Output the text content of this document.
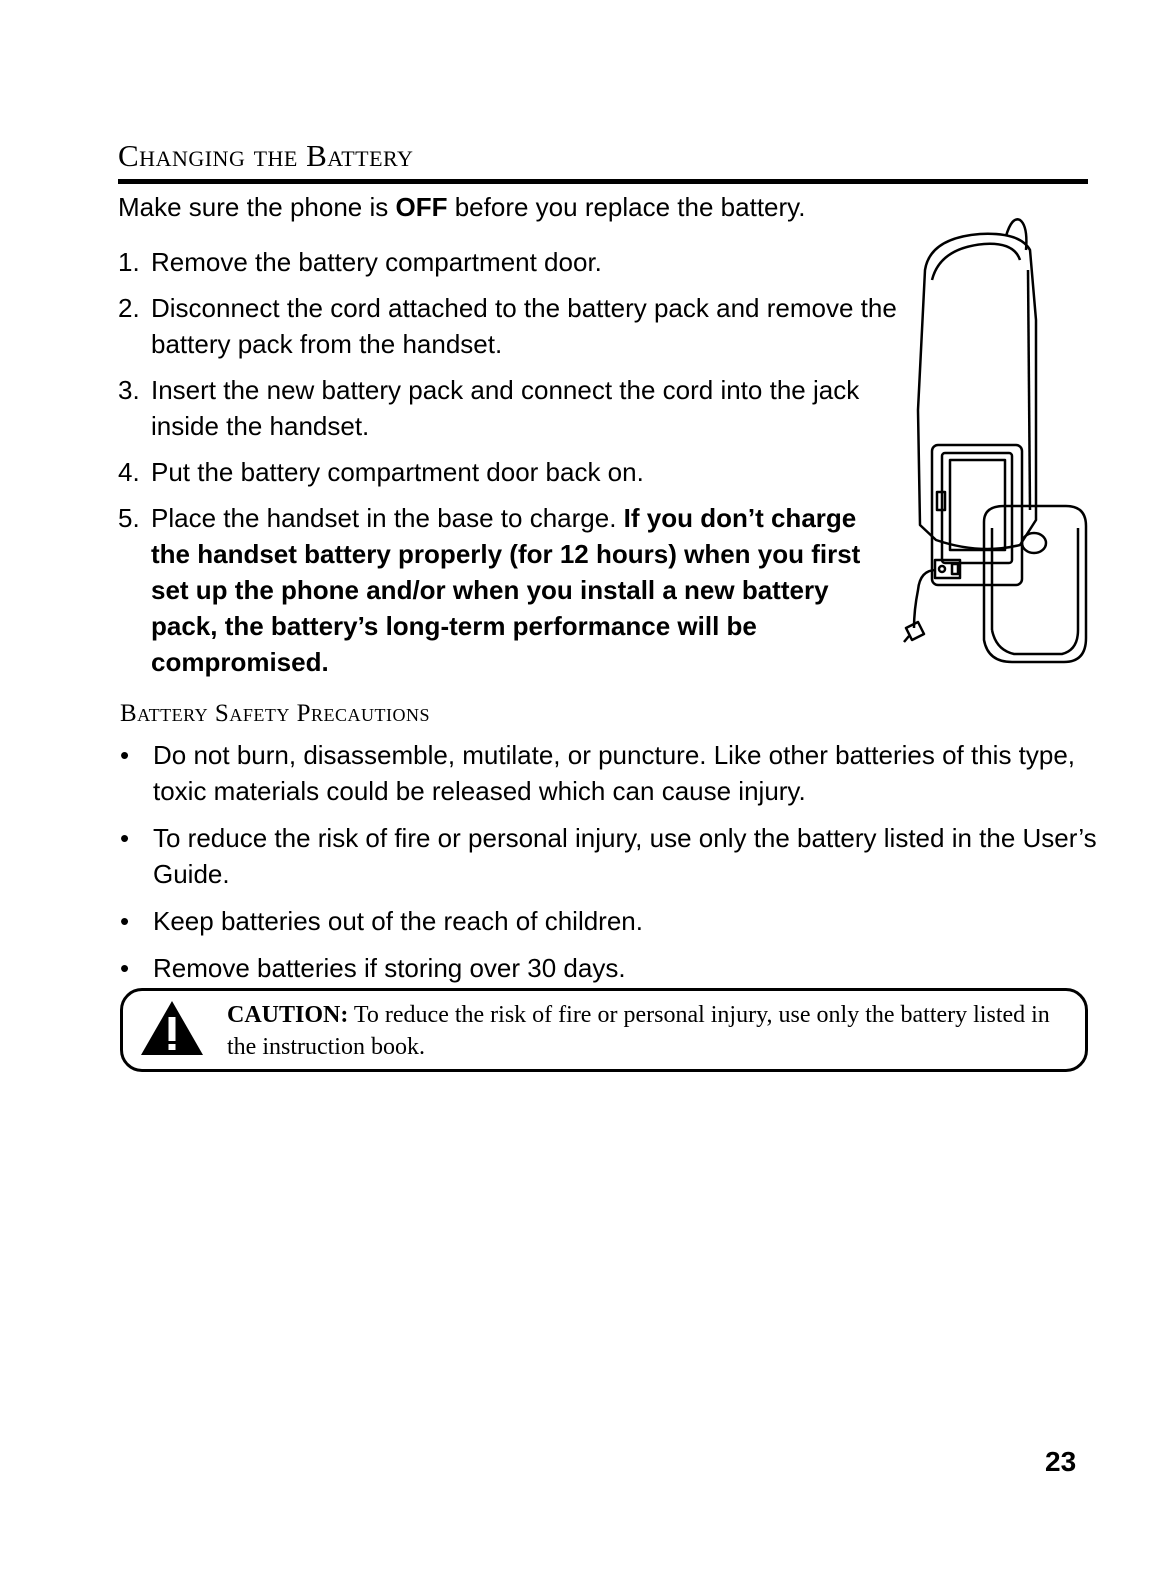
Changing the Battery

Make sure the phone is OFF before you replace the battery.

1. Remove the battery compartment door.
2. Disconnect the cord attached to the battery pack and remove the battery pack from the handset.
3. Insert the new battery pack and connect the cord into the jack inside the handset.
4. Put the battery compartment door back on.
5. Place the handset in the base to charge. If you don’t charge the handset battery properly (for 12 hours) when you first set up the phone and/or when you install a new battery pack, the battery’s long-term performance will be compromised.
Battery Safety Precautions
• Do not burn, disassemble, mutilate, or puncture. Like other batteries of this type, toxic materials could be released which can cause injury.
• To reduce the risk of fire or personal injury, use only the battery listed in the User’s Guide.
• Keep batteries out of the reach of children.
• Remove batteries if storing over 30 days.

CAUTION: To reduce the risk of fire or personal injury, use only the battery listed in the instruction book.

23
